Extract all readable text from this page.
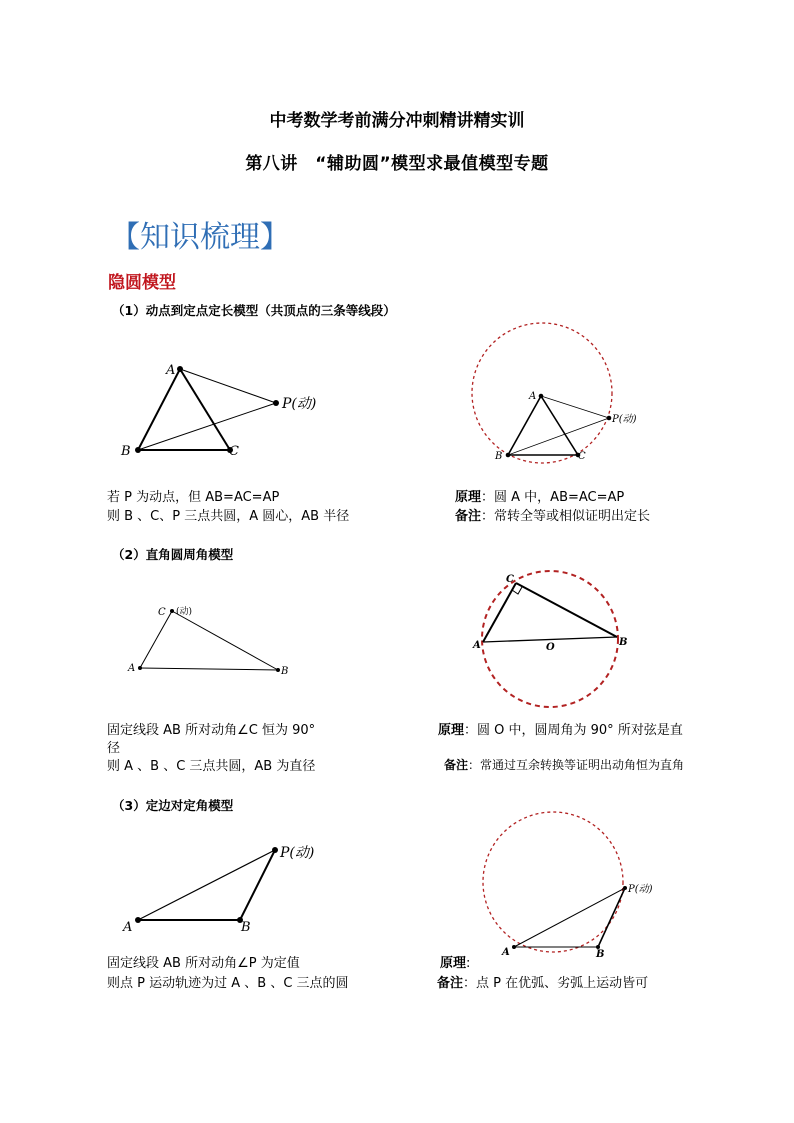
中考数学考前满分冲刺精讲精实训
第八讲　“辅助圆”模型求最值模型专题
【知识梳理】
隐圆模型
（1）动点到定点定长模型（共顶点的三条等线段）
A
B	C
P(动)	A
B	C
P(动)
若 P 为动点，但 AB=AC=AP
则 B 、C、P 三点共圆，A 圆心，AB 半径
原理：圆 A 中，AB=AC=AP
备注：常转全等或相似证明出定长
（2）直角圆周角模型
C (动)
A	B
C
A	B
O
固定线段 AB 所对动角∠C 恒为 90°
径
则 A 、B 、C 三点共圆，AB 为直径
原理：圆 O 中，圆周角为 90° 所对弦是直
备注：常通过互余转换等证明出动角恒为直角
（3）定边对定角模型
A	B
P(动)
A	B
P(动)
固定线段 AB 所对动角∠P 为定值
则点 P 运动轨迹为过 A 、B 、C 三点的圆
原理:
备注：点 P 在优弧、劣弧上运动皆可
